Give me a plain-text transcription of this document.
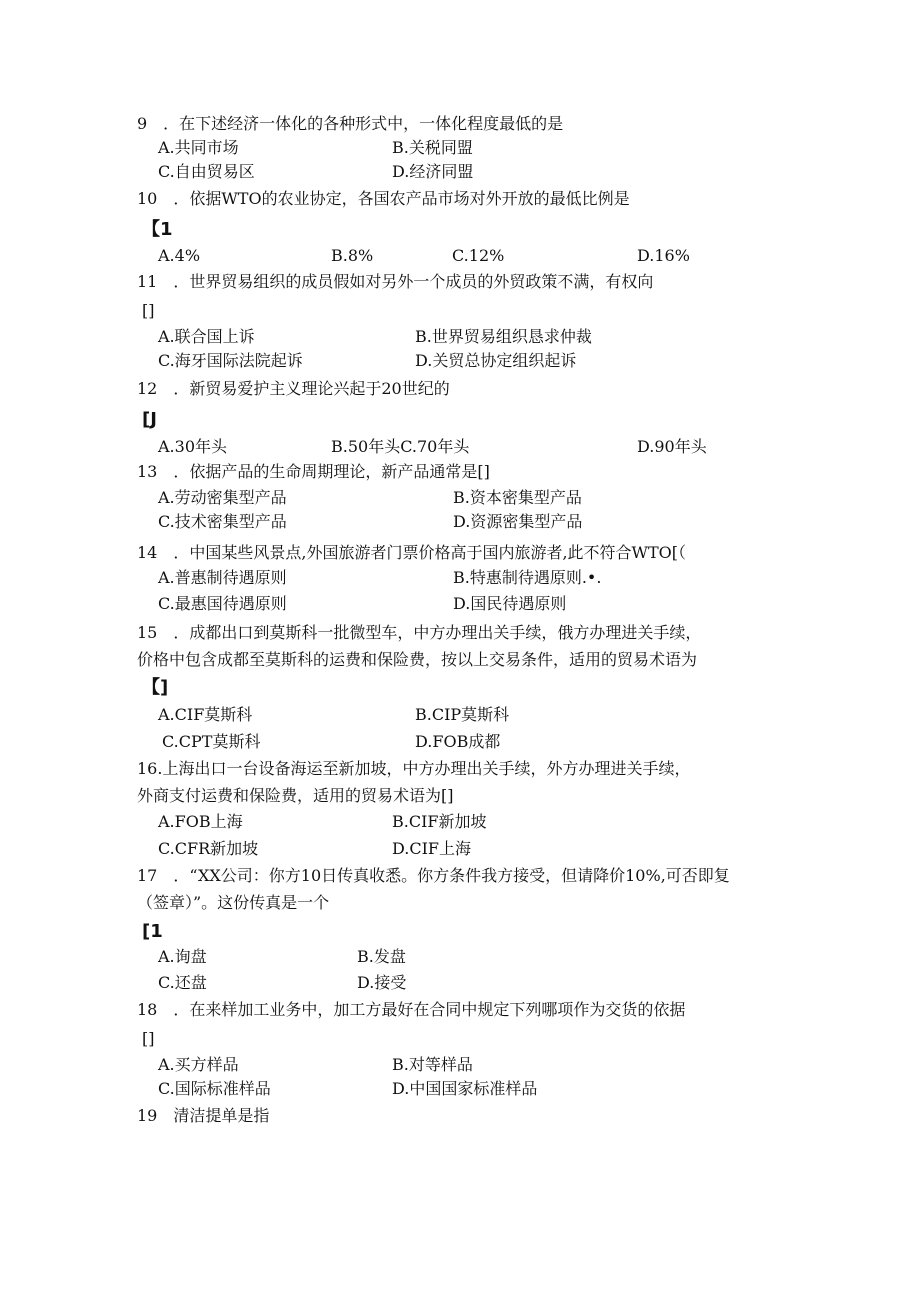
9　．在下述经济一体化的各种形式中，一体化程度最低的是
A.共同市场	B.关税同盟
C.自由贸易区	D.经济同盟
10　．依据WTO的农业协定，各国农产品市场对外开放的最低比例是
【1
A.4%	B.8%	C.12%	D.16%
11　．世界贸易组织的成员假如对另外一个成员的外贸政策不满，有权向
[]
A.联合国上诉	B.世界贸易组织恳求仲裁
C.海牙国际法院起诉	D.关贸总协定组织起诉
12　．新贸易爱护主义理论兴起于20世纪的
[J
A.30年头	B.50年头C.70年头	D.90年头
13　．依据产品的生命周期理论，新产品通常是[]
A.劳动密集型产品	B.资本密集型产品
C.技术密集型产品	D.资源密集型产品
14　．中国某些风景点,外国旅游者门票价格高于国内旅游者,此不符合WTO[（
A.普惠制待遇原则	B.特惠制待遇原则.•.
C.最惠国待遇原则	D.国民待遇原则
15　．成都出口到莫斯科一批微型车，中方办理出关手续，俄方办理进关手续，
价格中包含成都至莫斯科的运费和保险费，按以上交易条件，适用的贸易术语为
【]
A.CIF莫斯科	B.CIP莫斯科
C.CPT莫斯科	D.FOB成都
16.上海出口一台设备海运至新加坡，中方办理出关手续，外方办理进关手续，
外商支付运费和保险费，适用的贸易术语为[]
A.FOB上海	B.CIF新加坡
C.CFR新加坡	D.CIF上海
17　．“XX公司：你方10日传真收悉。你方条件我方接受，但请降价10%,可否即复
（签章）”。这份传真是一个
[1
A.询盘	B.发盘
C.还盘	D.接受
18　．在来样加工业务中，加工方最好在合同中规定下列哪项作为交货的依据
[]
A.买方样品	B.对等样品
C.国际标准样品	D.中国国家标准样品
19　清洁提单是指
